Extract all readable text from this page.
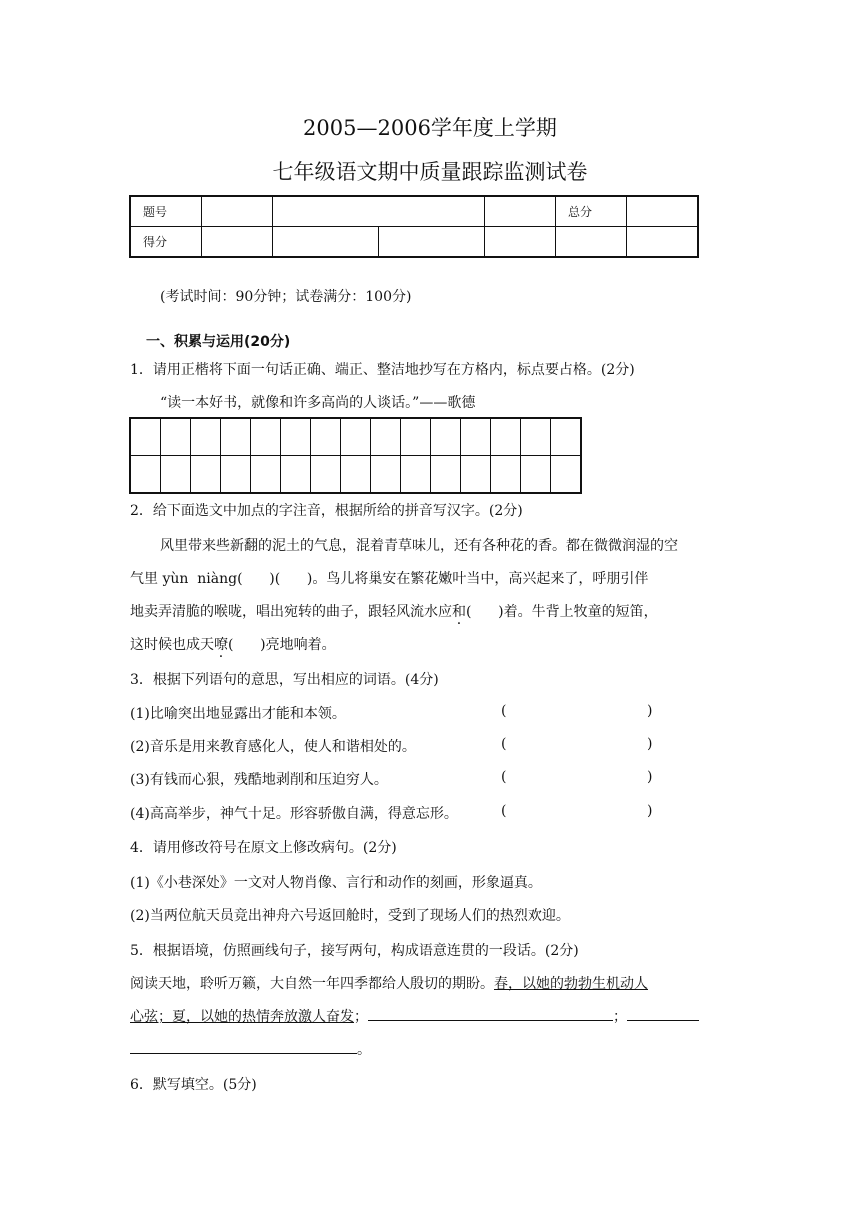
2005—2006学年度上学期
七年级语文期中质量跟踪监测试卷
题号					总分	
得分						
(考试时间：90分钟；试卷满分：100分)
一、积累与运用(20分)
1．请用正楷将下面一句话正确、端正、整洁地抄写在方格内，标点要占格。(2分)
“读一本好书，就像和许多高尚的人谈话。”——歌德

2．给下面选文中加点的字注音，根据所给的拼音写汉字。(2分)
风里带来些新翻的泥土的气息，混着青草味儿，还有各种花的香。都在微微润湿的空
气里 yùn  niàng(      )(      )。鸟儿将巢安在繁花嫩叶当中，高兴起来了，呼朋引伴
地卖弄清脆的喉咙，唱出宛转的曲子，跟轻风流水应和(      )着。牛背上牧童的短笛，
这时候也成天嘹(      )亮地响着。
3．根据下列语句的意思，写出相应的词语。(4分)
(1)比喻突出地显露出才能和本领。	(	)
(2)音乐是用来教育感化人，使人和谐相处的。	(	)
(3)有钱而心狠，残酷地剥削和压迫穷人。	(	)
(4)高高举步，神气十足。形容骄傲自满，得意忘形。	(	)
4．请用修改符号在原文上修改病句。(2分)
(1)《小巷深处》一文对人物肖像、言行和动作的刻画，形象逼真。
(2)当两位航天员竞出神舟六号返回舱时，受到了现场人们的热烈欢迎。
5．根据语境，仿照画线句子，接写两句，构成语意连贯的一段话。(2分)
阅读天地，聆听万籁，大自然一年四季都给人殷切的期盼。春，以她的勃勃生机动人
心弦；夏，以她的热情奔放激人奋发；	；
。
6．默写填空。(5分)
